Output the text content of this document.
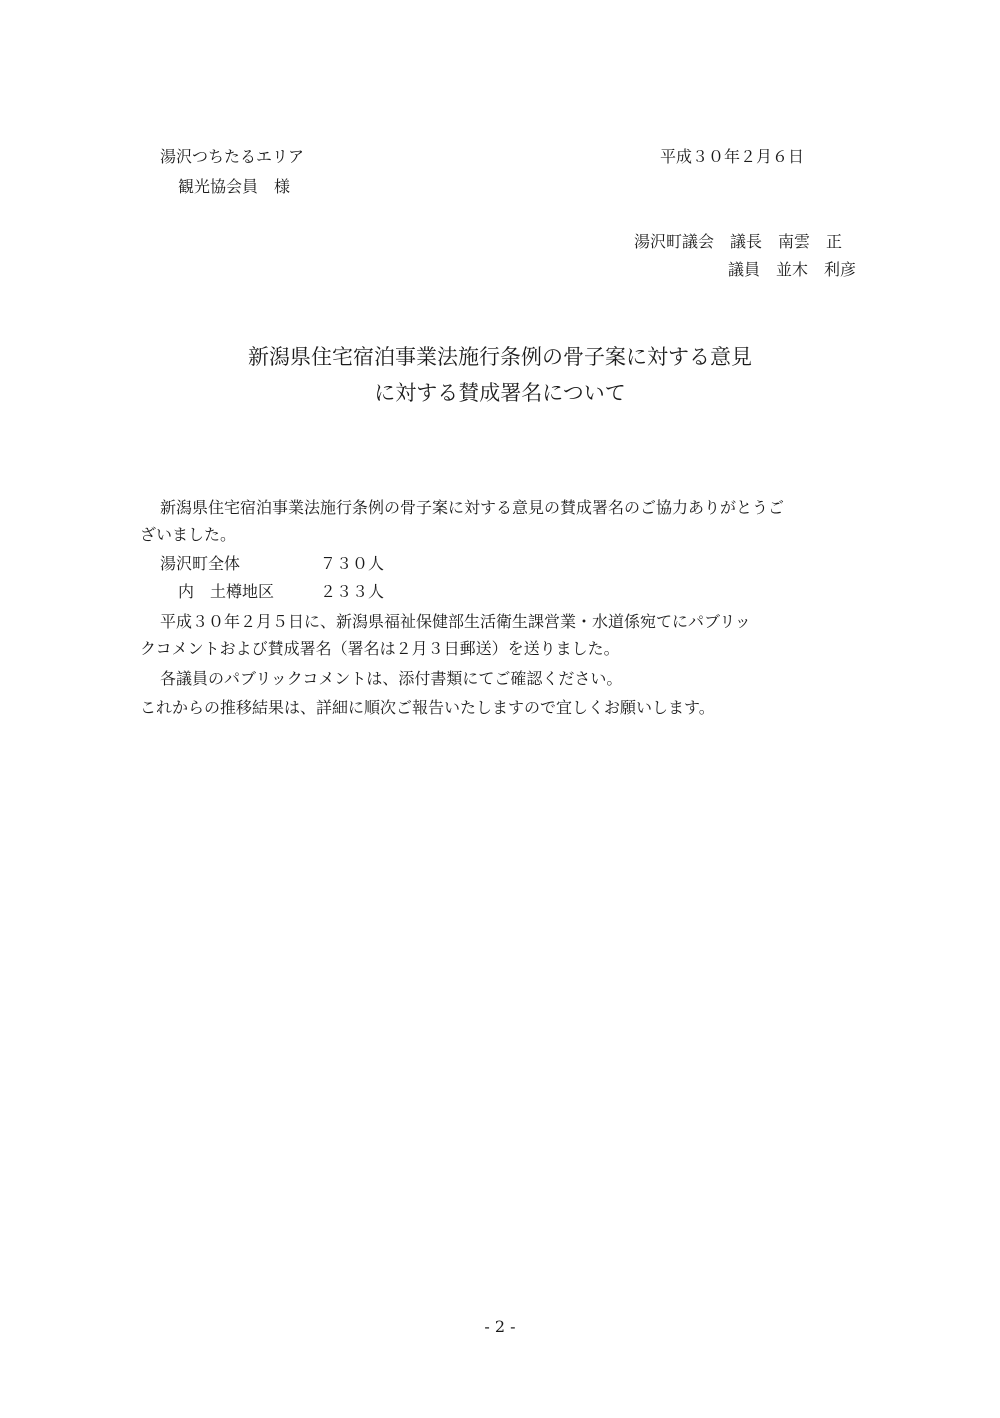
湯沢つちたるエリア
観光協会員　様
平成３０年２月６日
湯沢町議会　議長　南雲　正
議員　並木　利彦
新潟県住宅宿泊事業法施行条例の骨子案に対する意見
に対する賛成署名について
新潟県住宅宿泊事業法施行条例の骨子案に対する意見の賛成署名のご協力ありがとうご
ざいました。
湯沢町全体	７３０人
内　土樽地区	２３３人
平成３０年２月５日に、新潟県福祉保健部生活衛生課営業・水道係宛てにパブリッ
クコメントおよび賛成署名（署名は２月３日郵送）を送りました。
各議員のパブリックコメントは、添付書類にてご確認ください。
これからの推移結果は、詳細に順次ご報告いたしますので宜しくお願いします。
- 2 -
